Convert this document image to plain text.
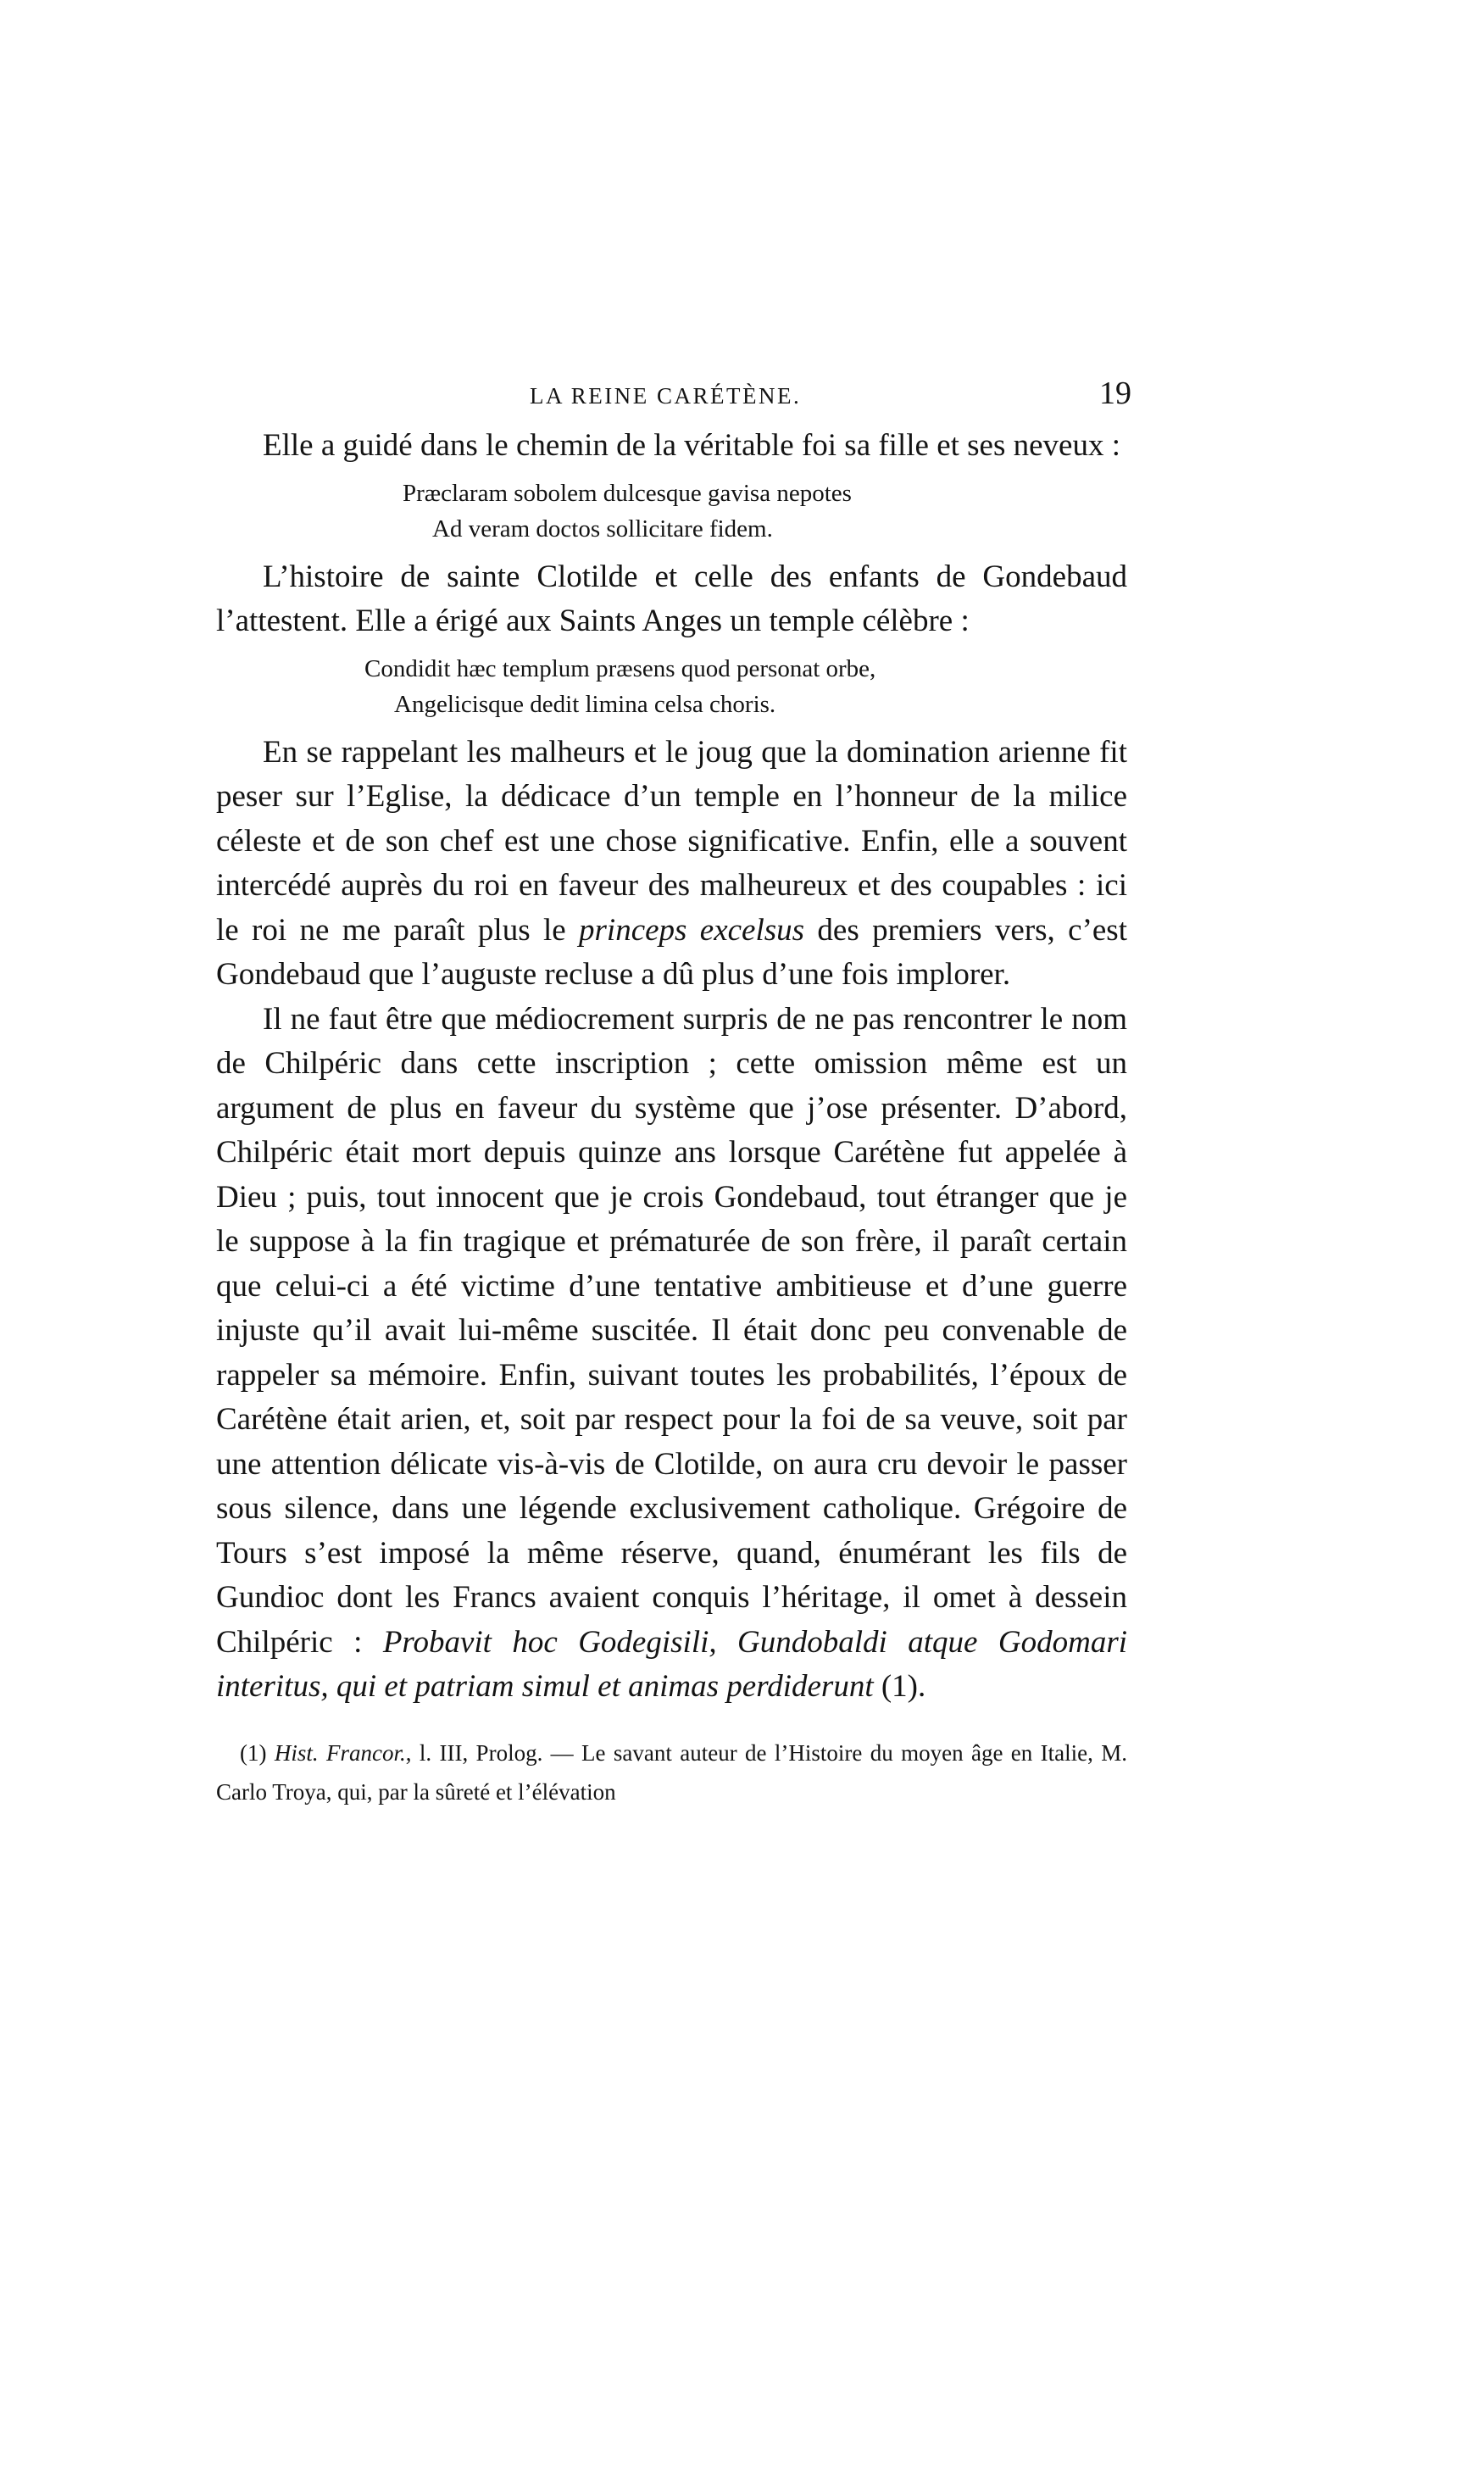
LA REINE CARÉTÈNE.	19

Elle a guidé dans le chemin de la véritable foi sa fille et ses neveux :

Præclaram sobolem dulcesque gavisa nepotes
Ad veram doctos sollicitare fidem.

L’histoire de sainte Clotilde et celle des enfants de Gondebaud l’attestent. Elle a érigé aux Saints Anges un temple célèbre :

Condidit hæc templum præsens quod personat orbe,
Angelicisque dedit limina celsa choris.

En se rappelant les malheurs et le joug que la domination arienne fit peser sur l’Eglise, la dédicace d’un temple en l’honneur de la milice céleste et de son chef est une chose significative. Enfin, elle a souvent intercédé auprès du roi en faveur des malheureux et des coupables : ici le roi ne me paraît plus le princeps excelsus des premiers vers, c’est Gondebaud que l’auguste recluse a dû plus d’une fois implorer.

Il ne faut être que médiocrement surpris de ne pas rencontrer le nom de Chilpéric dans cette inscription ; cette omission même est un argument de plus en faveur du système que j’ose présenter. D’abord, Chilpéric était mort depuis quinze ans lorsque Carétène fut appelée à Dieu ; puis, tout innocent que je crois Gondebaud, tout étranger que je le suppose à la fin tragique et prématurée de son frère, il paraît certain que celui-ci a été victime d’une tentative ambitieuse et d’une guerre injuste qu’il avait lui-même suscitée. Il était donc peu convenable de rappeler sa mémoire. Enfin, suivant toutes les probabilités, l’époux de Carétène était arien, et, soit par respect pour la foi de sa veuve, soit par une attention délicate vis-à-vis de Clotilde, on aura cru devoir le passer sous silence, dans une légende exclusivement catholique. Grégoire de Tours s’est imposé la même réserve, quand, énumérant les fils de Gundioc dont les Francs avaient conquis l’héritage, il omet à dessein Chilpéric : Probavit hoc Godegisili, Gundobaldi atque Godomari interitus, qui et patriam simul et animas perdiderunt (1).

(1) Hist. Francor., l. III, Prolog. — Le savant auteur de l’Histoire du moyen âge en Italie, M. Carlo Troya, qui, par la sûreté et l’élévation
